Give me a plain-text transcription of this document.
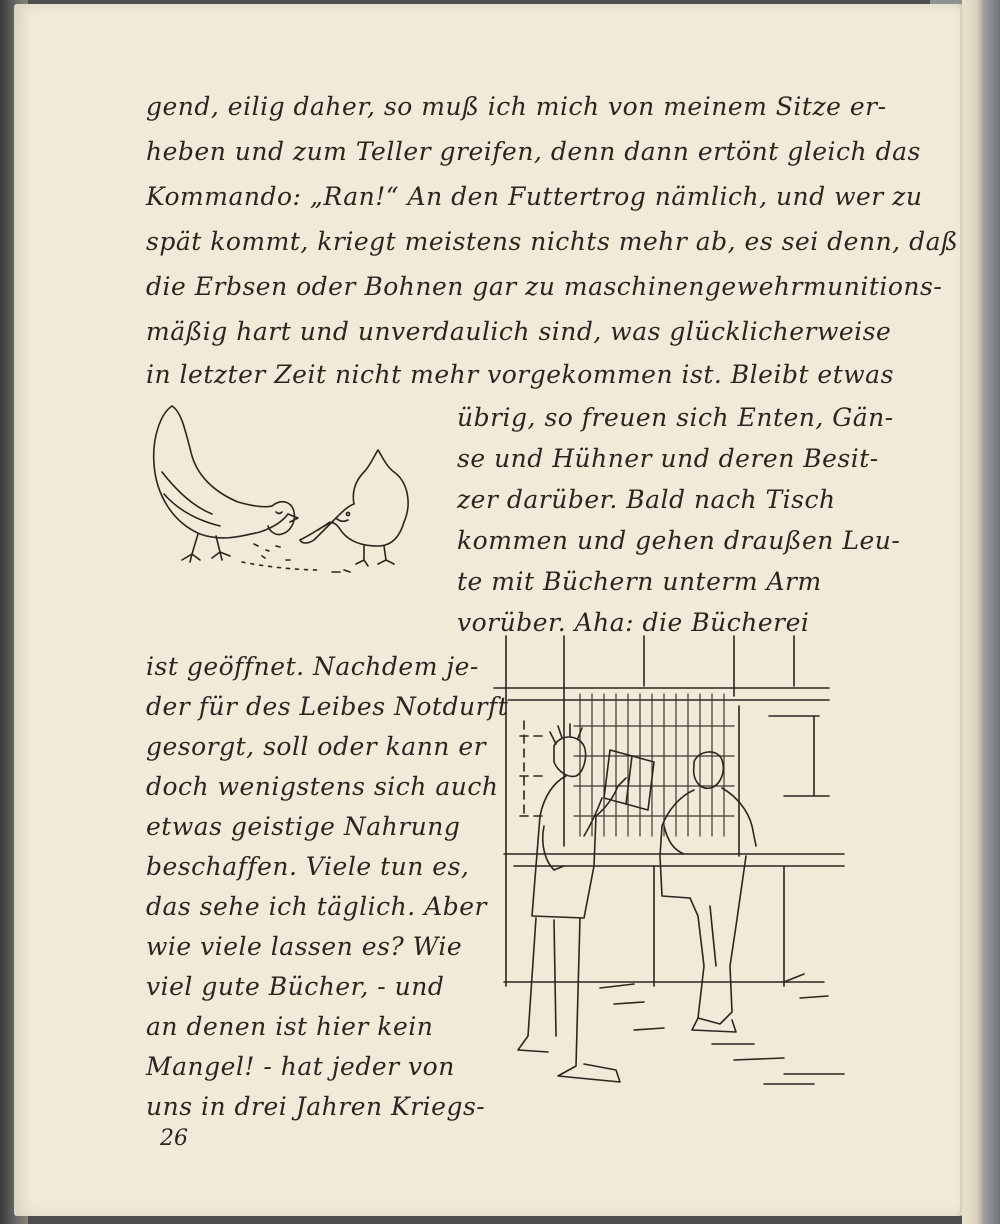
gend, eilig daher, so muß ich mich von meinem Sitze er-
heben und zum Teller greifen, denn dann ertönt gleich das
Kommando: „Ran!“ An den Futtertrog nämlich, und wer zu
spät kommt, kriegt meistens nichts mehr ab, es sei denn, daß
die Erbsen oder Bohnen gar zu maschinengewehrmunitions-
mäßig hart und unverdaulich sind, was glücklicherweise
in letzter Zeit nicht mehr vorgekommen ist. Bleibt etwas
übrig, so freuen sich Enten, Gän-
se und Hühner und deren Besit-
zer darüber. Bald nach Tisch
kommen und gehen draußen Leu-
te mit Büchern unterm Arm
vorüber. Aha: die Bücherei
ist geöffnet. Nachdem je-
der für des Leibes Notdurft
gesorgt, soll oder kann er
doch wenigstens sich auch
etwas geistige Nahrung
beschaffen. Viele tun es,
das sehe ich täglich. Aber
wie viele lassen es? Wie
viel gute Bücher, - und
an denen ist hier kein
Mangel! - hat jeder von
uns in drei Jahren Kriegs-
26
